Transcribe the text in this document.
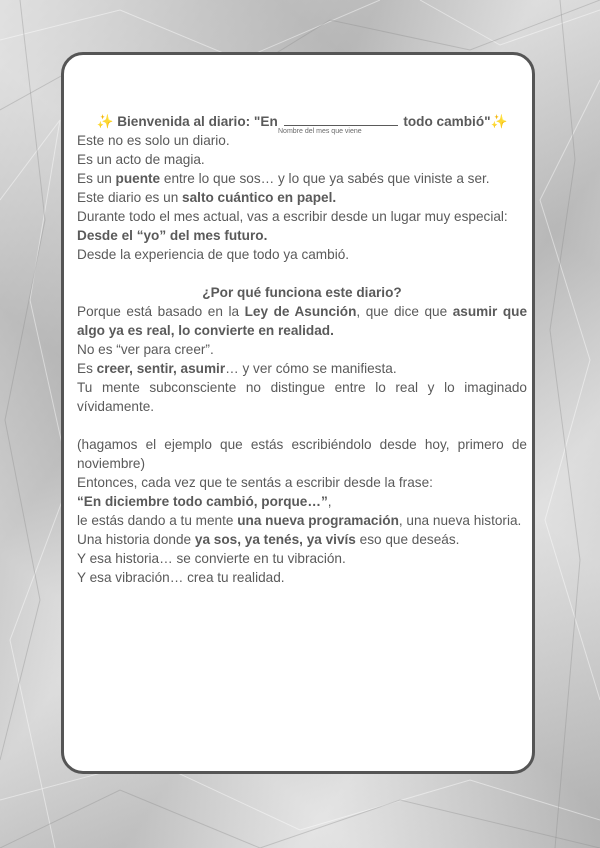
✨ Bienvenida al diario: "En	todo cambió"✨
Nombre del mes que viene

Este no es solo un diario.

Es un acto de magia.

Es un puente entre lo que sos… y lo que ya sabés que viniste a ser.

Este diario es un salto cuántico en papel.

Durante todo el mes actual, vas a escribir desde un lugar muy especial:

Desde el “yo” del mes futuro.

Desde la experiencia de que todo ya cambió.

¿Por qué funciona este diario?

Porque está basado en la Ley de Asunción, que dice que asumir que algo ya es real, lo convierte en realidad.

No es “ver para creer”.

Es creer, sentir, asumir… y ver cómo se manifiesta.

Tu mente subconsciente no distingue entre lo real y lo imaginado vívidamente.

(hagamos el ejemplo que estás escribiéndolo desde hoy, primero de noviembre)

Entonces, cada vez que te sentás a escribir desde la frase:

“En diciembre todo cambió, porque…”,

le estás dando a tu mente una nueva programación, una nueva historia.

Una historia donde ya sos, ya tenés, ya vivís eso que deseás.

Y esa historia… se convierte en tu vibración.

Y esa vibración… crea tu realidad.
